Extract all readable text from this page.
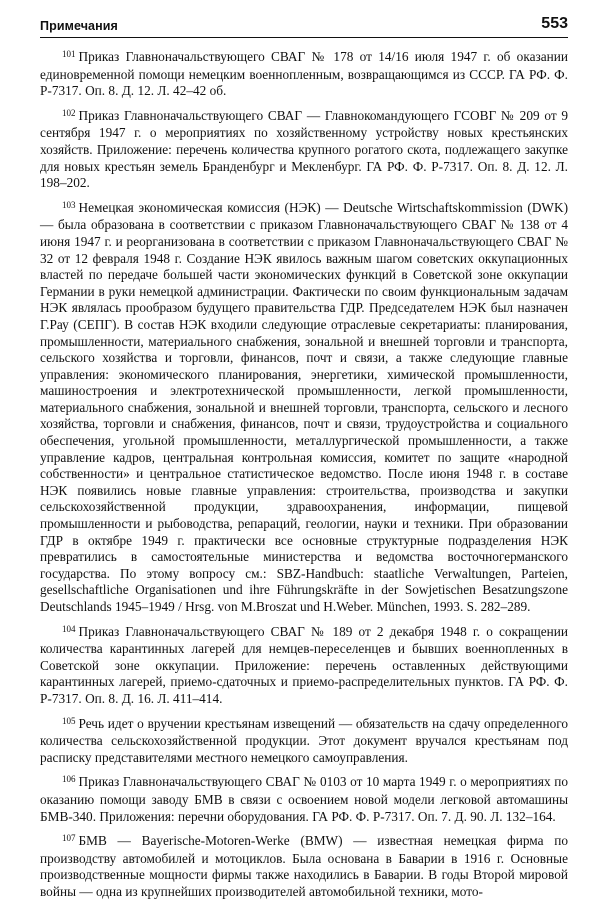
Примечания	553

$^{101}$ Приказ Главноначальствующего СВАГ № 178 от 14/16 июля 1947 г. об оказании единовременной помощи немецким военнопленным, возвращающимся из СССР. ГА РФ. Ф. Р-7317. Оп. 8. Д. 12. Л. 42–42 об.

$^{102}$ Приказ Главноначальствующего СВАГ — Главнокомандующего ГСОВГ № 209 от 9 сентября 1947 г. о мероприятиях по хозяйственному устройству новых крестьянских хозяйств. Приложение: перечень количества крупного рогатого скота, подлежащего закупке для новых крестьян земель Бранденбург и Мекленбург. ГА РФ. Ф. Р-7317. Оп. 8. Д. 12. Л. 198–202.

$^{103}$ Немецкая экономическая комиссия (НЭК) — Deutsche Wirtschaftskommission (DWK) — была образована в соответствии с приказом Главноначальствующего СВАГ № 138 от 4 июня 1947 г. и реорганизована в соответствии с приказом Главноначальствующего СВАГ № 32 от 12 февраля 1948 г. Создание НЭК явилось важным шагом советских оккупационных властей по передаче большей части экономических функций в Советской зоне оккупации Германии в руки немецкой администрации. Фактически по своим функциональным задачам НЭК являлась прообразом будущего правительства ГДР. Председателем НЭК был назначен Г.Рау (СЕПГ). В состав НЭК входили следующие отраслевые секретариаты: планирования, промышленности, материального снабжения, зональной и внешней торговли и транспорта, сельского хозяйства и торговли, финансов, почт и связи, а также следующие главные управления: экономического планирования, энергетики, химической промышленности, машиностроения и электротехнической промышленности, легкой промышленности, материального снабжения, зональной и внешней торговли, транспорта, сельского и лесного хозяйства, торговли и снабжения, финансов, почт и связи, трудоустройства и социального обеспечения, угольной промышленности, металлургической промышленности, а также управление кадров, центральная контрольная комиссия, комитет по защите «народной собственности» и центральное статистическое ведомство. После июня 1948 г. в составе НЭК появились новые главные управления: строительства, производства и закупки сельскохозяйственной продукции, здравоохранения, информации, пищевой промышленности и рыбоводства, репараций, геологии, науки и техники. При образовании ГДР в октябре 1949 г. практически все основные структурные подразделения НЭК превратились в самостоятельные министерства и ведомства восточногерманского государства. По этому вопросу см.: SBZ-Handbuch: staatliche Verwaltungen, Parteien, gesellschaftliche Organisationen und ihre Führungskräfte in der Sowjetischen Besatzungszone Deutschlands 1945–1949 / Hrsg. von M.Broszat und H.Weber. München, 1993. S. 282–289.

$^{104}$ Приказ Главноначальствующего СВАГ № 189 от 2 декабря 1948 г. о сокращении количества карантинных лагерей для немцев-переселенцев и бывших военнопленных в Советской зоне оккупации. Приложение: перечень оставленных действующими карантинных лагерей, приемо-сдаточных и приемо-распределительных пунктов. ГА РФ. Ф. Р-7317. Оп. 8. Д. 16. Л. 411–414.

$^{105}$ Речь идет о вручении крестьянам извещений — обязательств на сдачу определенного количества сельскохозяйственной продукции. Этот документ вручался крестьянам под расписку представителями местного немецкого самоуправления.

$^{106}$ Приказ Главноначальствующего СВАГ № 0103 от 10 марта 1949 г. о мероприятиях по оказанию помощи заводу БМВ в связи с освоением новой модели легковой автомашины БМВ-340. Приложения: перечни оборудования. ГА РФ. Ф. Р-7317. Оп. 7. Д. 90. Л. 132–164.

$^{107}$ БМВ — Bayerische-Motoren-Werke (BMW) — известная немецкая фирма по производству автомобилей и мотоциклов. Была основана в Баварии в 1916 г. Основные производственные мощности фирмы также находились в Баварии. В годы Второй мировой войны — одна из крупнейших производителей автомобильной техники, мото-
